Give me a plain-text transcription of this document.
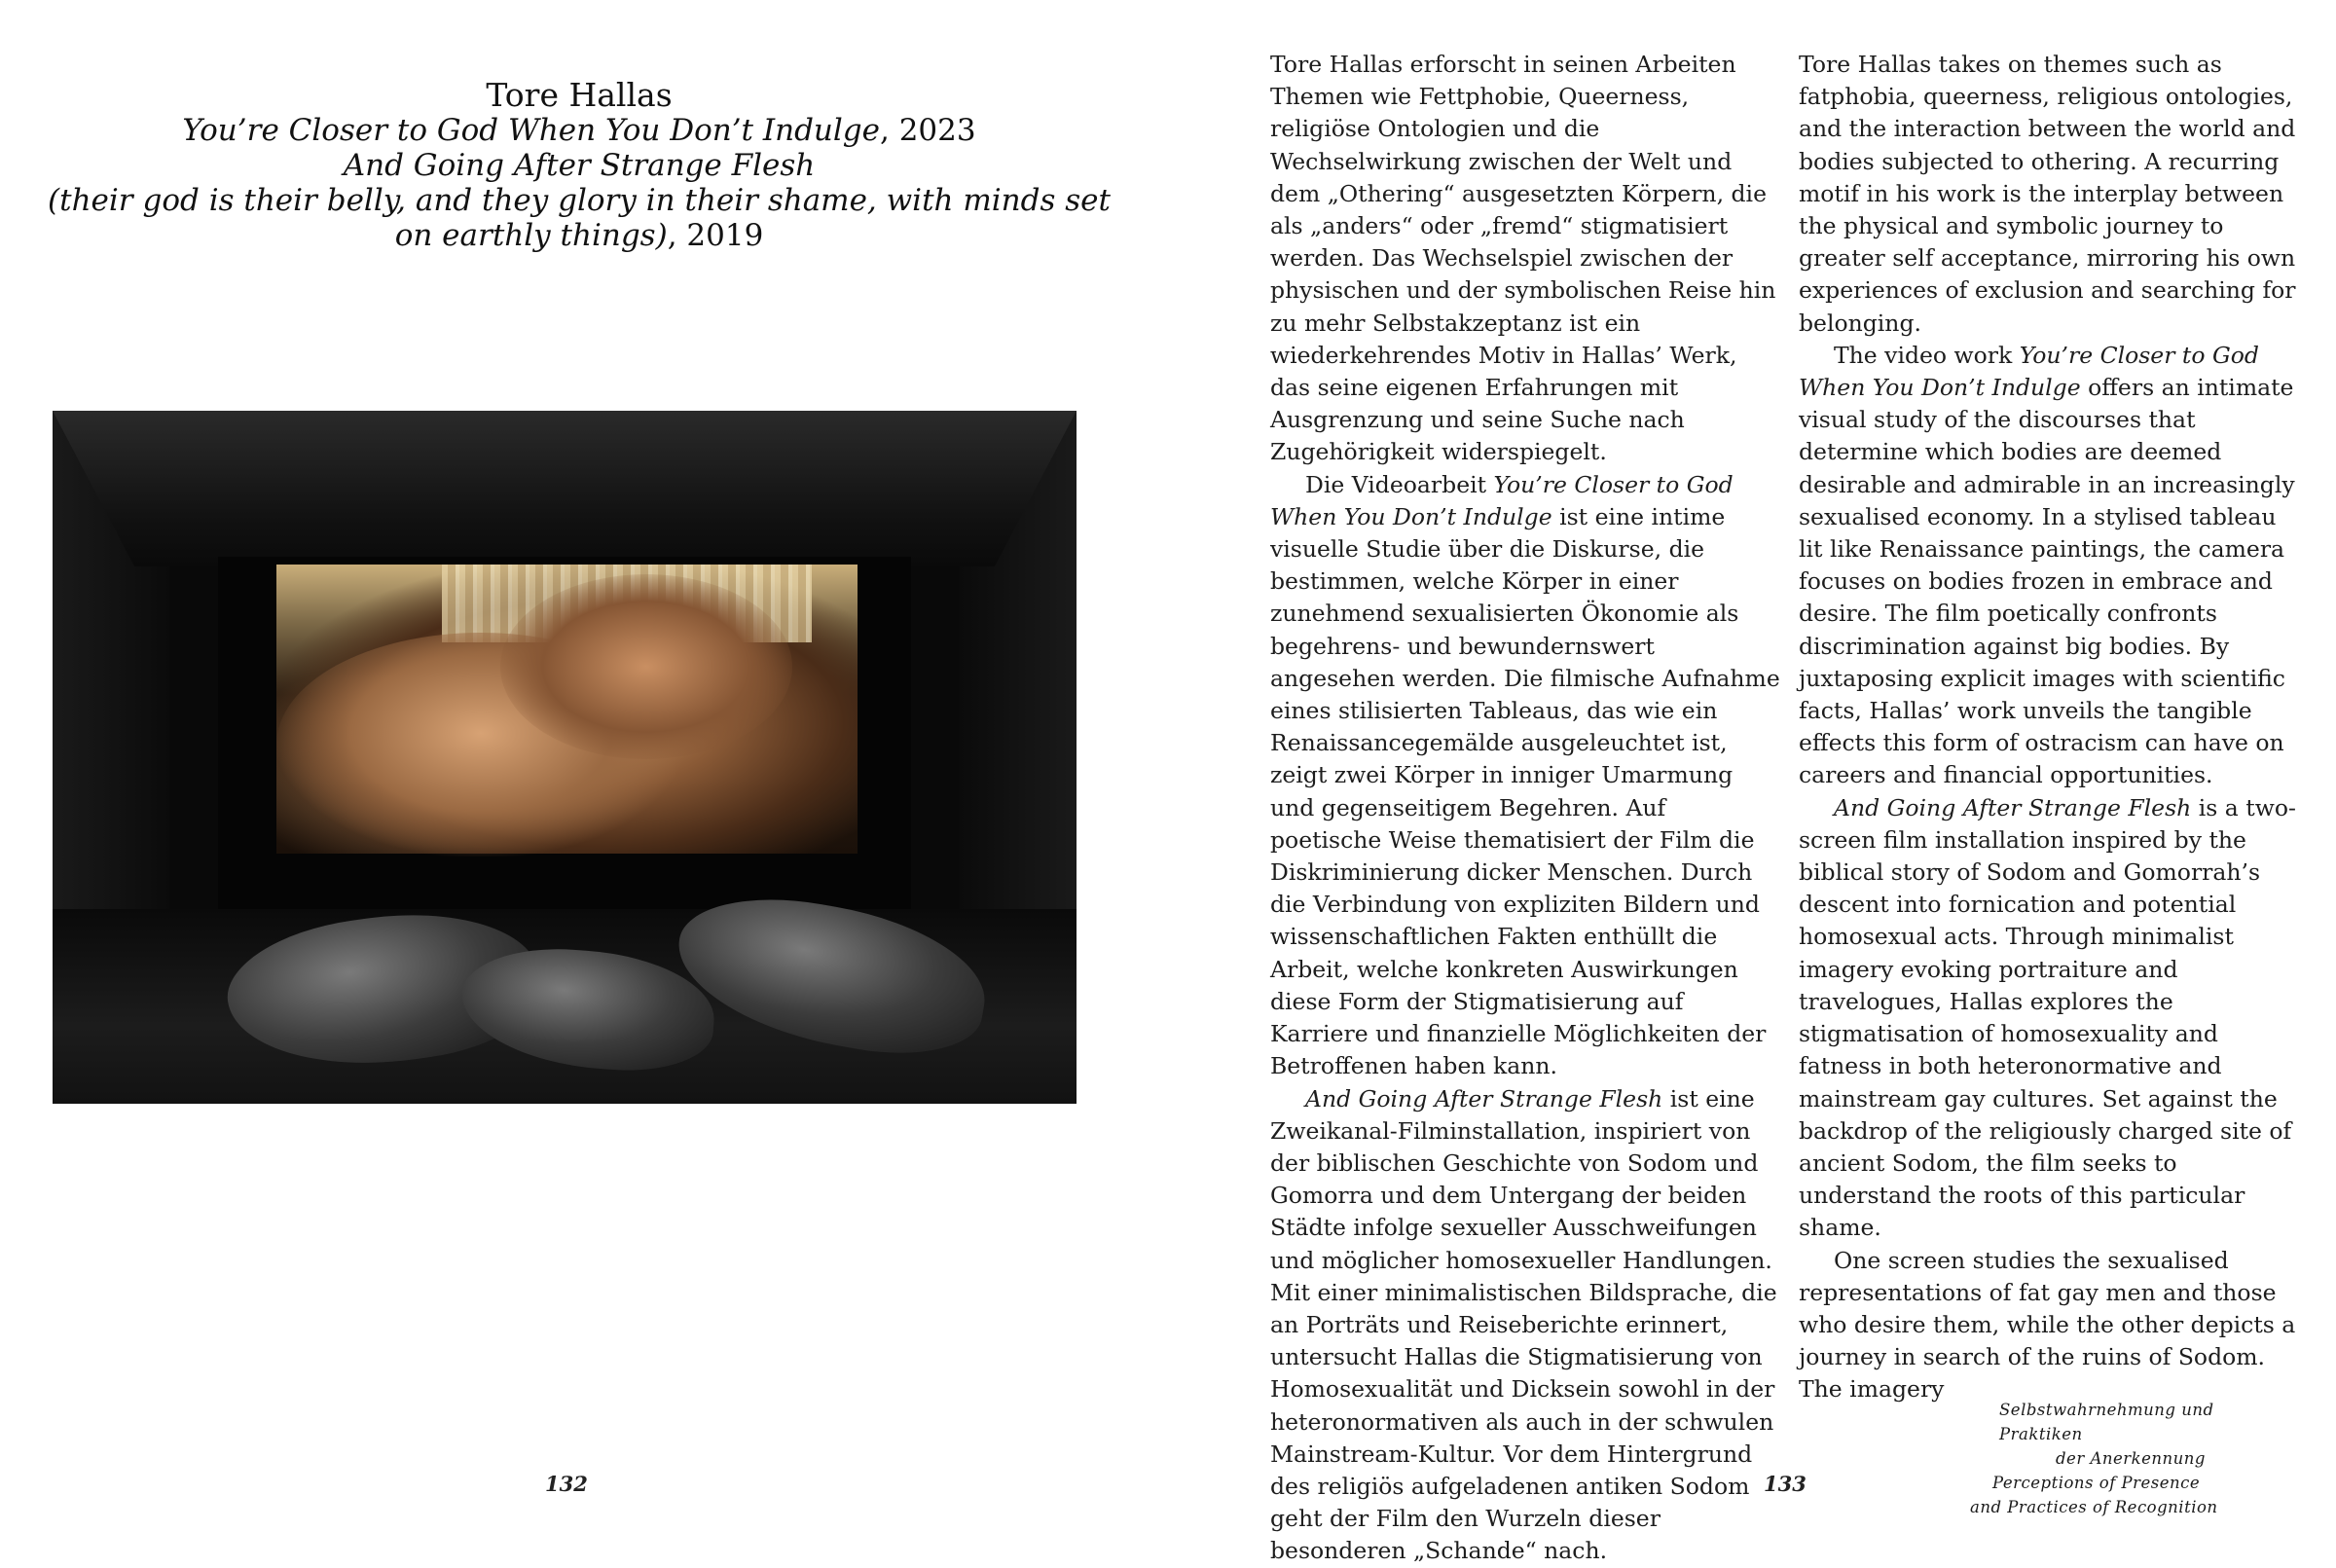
Tore Hallas
You’re Closer to God When You Don’t Indulge, 2023
And Going After Strange Flesh
(their god is their belly, and they glory in their shame, with minds set on earthly things), 2019
132

Tore Hallas erforscht in seinen Arbeiten Themen wie Fettphobie, Queerness, religiöse Ontologien und die Wechselwirkung zwischen der Welt und dem „Othering“ ausgesetzten Körpern, die als „anders“ oder „fremd“ stigmatisiert werden. Das Wechselspiel zwischen der physischen und der symbolischen Reise hin zu mehr Selbstakzeptanz ist ein wiederkehrendes Motiv in Hallas’ Werk, das seine eigenen Erfahrungen mit Ausgrenzung und seine Suche nach Zugehörigkeit widerspiegelt.

Die Videoarbeit You’re Closer to God When You Don’t Indulge ist eine intime visuelle Studie über die Diskurse, die bestimmen, welche Körper in einer zunehmend sexualisierten Ökonomie als begehrens- und bewundernswert angesehen werden. Die filmische Aufnahme eines stilisierten Tableaus, das wie ein Renaissancegemälde ausgeleuchtet ist, zeigt zwei Körper in inniger Umarmung und gegenseitigem Begehren. Auf poetische Weise thematisiert der Film die Diskriminierung dicker Menschen. Durch die Verbindung von expliziten Bildern und wissenschaftlichen Fakten enthüllt die Arbeit, welche konkreten Auswirkungen diese Form der Stigmatisierung auf Karriere und finanzielle Möglichkeiten der Betroffenen haben kann.

And Going After Strange Flesh ist eine Zweikanal-Filminstallation, inspiriert von der biblischen Geschichte von Sodom und Gomorra und dem Untergang der beiden Städte infolge sexueller Ausschweifungen und möglicher homosexueller Handlungen. Mit einer minimalistischen Bildsprache, die an Porträts und Reiseberichte erinnert, untersucht Hallas die Stigmatisierung von Homosexualität und Dicksein sowohl in der heteronormativen als auch in der schwulen Mainstream-Kultur. Vor dem Hintergrund des religiös aufgeladenen antiken Sodom geht der Film den Wurzeln dieser besonderen „Schande“ nach.

Tore Hallas takes on themes such as fatphobia, queerness, religious ontologies, and the interaction between the world and bodies subjected to othering. A recurring motif in his work is the interplay between the physical and symbolic journey to greater self acceptance, mirroring his own experiences of exclusion and searching for belonging.

The video work You’re Closer to God When You Don’t Indulge offers an intimate visual study of the discourses that determine which bodies are deemed desirable and admirable in an increasingly sexualised economy. In a stylised tableau lit like Renaissance paintings, the camera focuses on bodies frozen in embrace and desire. The film poetically confronts discrimination against big bodies. By juxtaposing explicit images with scientific facts, Hallas’ work unveils the tangible effects this form of ostracism can have on careers and financial opportunities.

And Going After Strange Flesh is a two-screen film installation inspired by the biblical story of Sodom and Gomorrah’s descent into fornication and potential homosexual acts. Through minimalist imagery evoking portraiture and travelogues, Hallas explores the stigmatisation of homosexuality and fatness in both heteronormative and mainstream gay cultures. Set against the backdrop of the religiously charged site of ancient Sodom, the film seeks to understand the roots of this particular shame.

One screen studies the sexualised representations of fat gay men and those who desire them, while the other depicts a journey in search of the ruins of Sodom. The imagery

133
Selbstwahrnehmung und Praktiken
der Anerkennung
Perceptions of Presence
and Practices of Recognition
